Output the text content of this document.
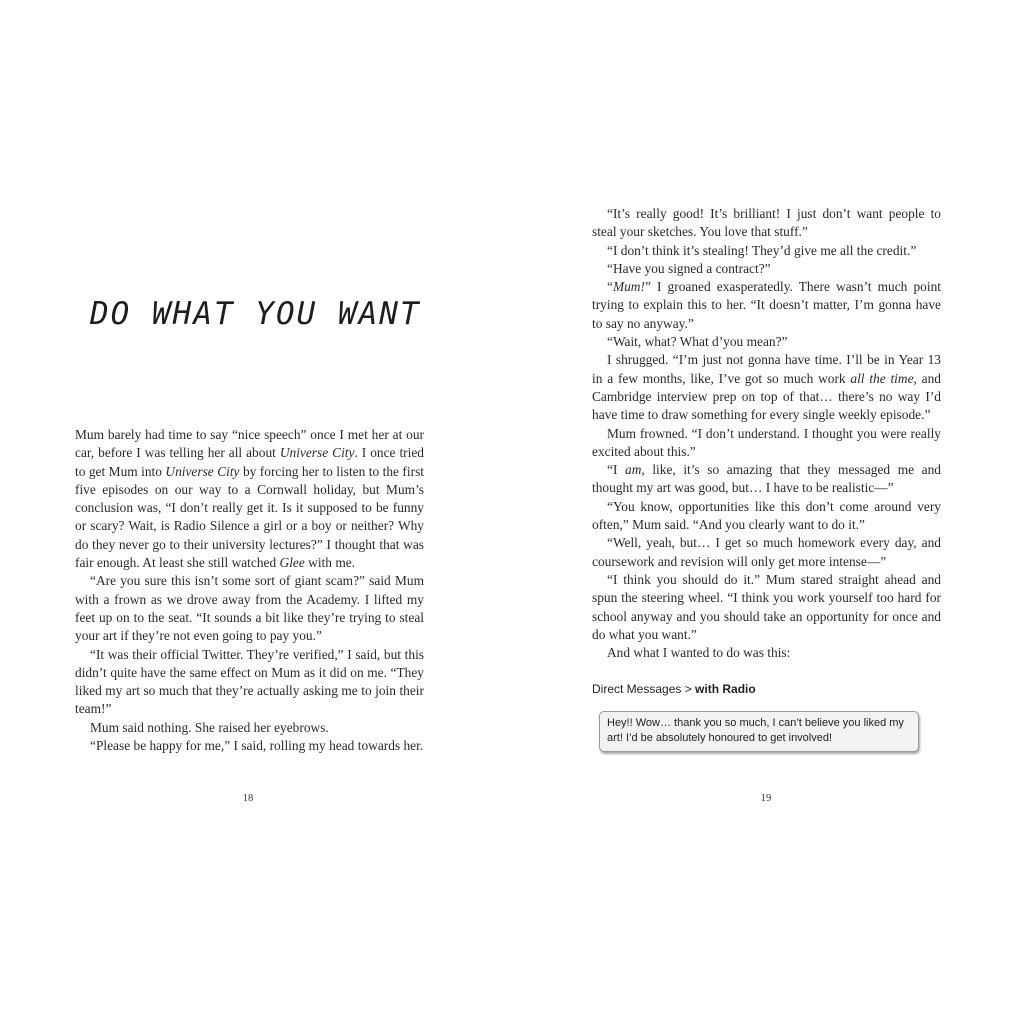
DO WHAT YOU WANT

Mum barely had time to say “nice speech” once I met her at our car, before I was telling her all about Universe City. I once tried to get Mum into Universe City by forcing her to listen to the first five episodes on our way to a Cornwall holiday, but Mum’s conclusion was, “I don’t really get it. Is it supposed to be funny or scary? Wait, is Radio Silence a girl or a boy or neither? Why do they never go to their university lectures?” I thought that was fair enough. At least she still watched Glee with me.

“Are you sure this isn’t some sort of giant scam?” said Mum with a frown as we drove away from the Academy. I lifted my feet up on to the seat. “It sounds a bit like they’re trying to steal your art if they’re not even going to pay you.”

“It was their official Twitter. They’re verified,” I said, but this didn’t quite have the same effect on Mum as it did on me. “They liked my art so much that they’re actually asking me to join their team!”

Mum said nothing. She raised her eyebrows.

“Please be happy for me,” I said, rolling my head towards her.

18

“It’s really good! It’s brilliant! I just don’t want people to steal your sketches. You love that stuff.”

“I don’t think it’s stealing! They’d give me all the credit.”

“Have you signed a contract?”

“Mum!” I groaned exasperatedly. There wasn’t much point trying to explain this to her. “It doesn’t matter, I’m gonna have to say no anyway.”

“Wait, what? What d’you mean?”

I shrugged. “I’m just not gonna have time. I’ll be in Year 13 in a few months, like, I’ve got so much work all the time, and Cambridge interview prep on top of that… there’s no way I’d have time to draw something for every single weekly episode.”

Mum frowned. “I don’t understand. I thought you were really excited about this.”

“I am, like, it’s so amazing that they messaged me and thought my art was good, but… I have to be realistic—”

“You know, opportunities like this don’t come around very often,” Mum said. “And you clearly want to do it.”

“Well, yeah, but… I get so much homework every day, and coursework and revision will only get more intense—”

“I think you should do it.” Mum stared straight ahead and spun the steering wheel. “I think you work yourself too hard for school anyway and you should take an opportunity for once and do what you want.”

And what I wanted to do was this:

Direct Messages > with Radio
Hey!! Wow… thank you so much, I can’t believe you liked my art! I’d be absolutely honoured to get involved!
19
